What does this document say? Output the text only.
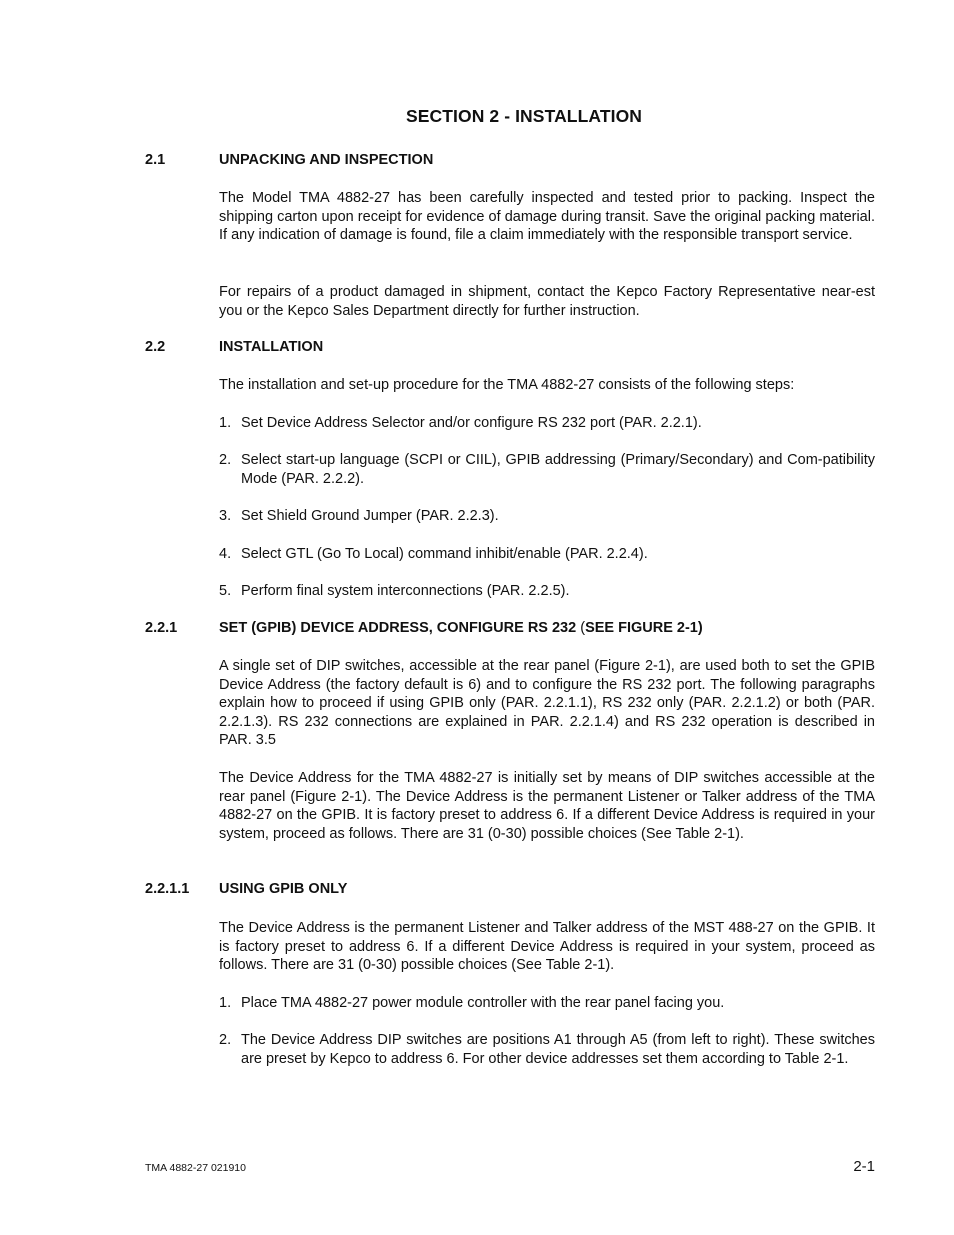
SECTION 2 - INSTALLATION
2.1	UNPACKING AND INSPECTION
The Model TMA 4882-27 has been carefully inspected and tested prior to packing. Inspect the shipping carton upon receipt for evidence of damage during transit. Save the original packing material. If any indication of damage is found, file a claim immediately with the responsible transport service.
For repairs of a product damaged in shipment, contact the Kepco Factory Representative near-est you or the Kepco Sales Department directly for further instruction.
2.2	INSTALLATION
The installation and set-up procedure for the TMA 4882-27 consists of the following steps:
1. Set Device Address Selector and/or configure RS 232 port (PAR. 2.2.1).
2. Select start-up language (SCPI or CIIL), GPIB addressing (Primary/Secondary) and Com-patibility Mode (PAR. 2.2.2).
3. Set Shield Ground Jumper (PAR. 2.2.3).
4. Select GTL (Go To Local) command inhibit/enable (PAR. 2.2.4).
5. Perform final system interconnections (PAR. 2.2.5).
2.2.1	SET (GPIB) DEVICE ADDRESS, CONFIGURE RS 232 (SEE FIGURE 2-1)
A single set of DIP switches, accessible at the rear panel (Figure 2-1), are used both to set the GPIB Device Address (the factory default is 6) and to configure the RS 232 port. The following paragraphs explain how to proceed if using GPIB only (PAR. 2.2.1.1), RS 232 only (PAR. 2.2.1.2) or both (PAR. 2.2.1.3). RS 232 connections are explained in PAR. 2.2.1.4) and RS 232 operation is described in PAR. 3.5
The Device Address for the TMA 4882-27 is initially set by means of DIP switches accessible at the rear panel (Figure 2-1). The Device Address is the permanent Listener or Talker address of the TMA 4882-27 on the GPIB. It is factory preset to address 6. If a different Device Address is required in your system, proceed as follows. There are 31 (0-30) possible choices (See Table 2-1).
2.2.1.1 USING GPIB ONLY
The Device Address is the permanent Listener and Talker address of the MST 488-27 on the GPIB. It is factory preset to address 6. If a different Device Address is required in your system, proceed as follows. There are 31 (0-30) possible choices (See Table 2-1).
1. Place TMA 4882-27 power module controller with the rear panel facing you.
2. The Device Address DIP switches are positions A1 through A5 (from left to right). These switches are preset by Kepco to address 6. For other device addresses set them according to Table 2-1.
TMA 4882-27 021910	2-1
